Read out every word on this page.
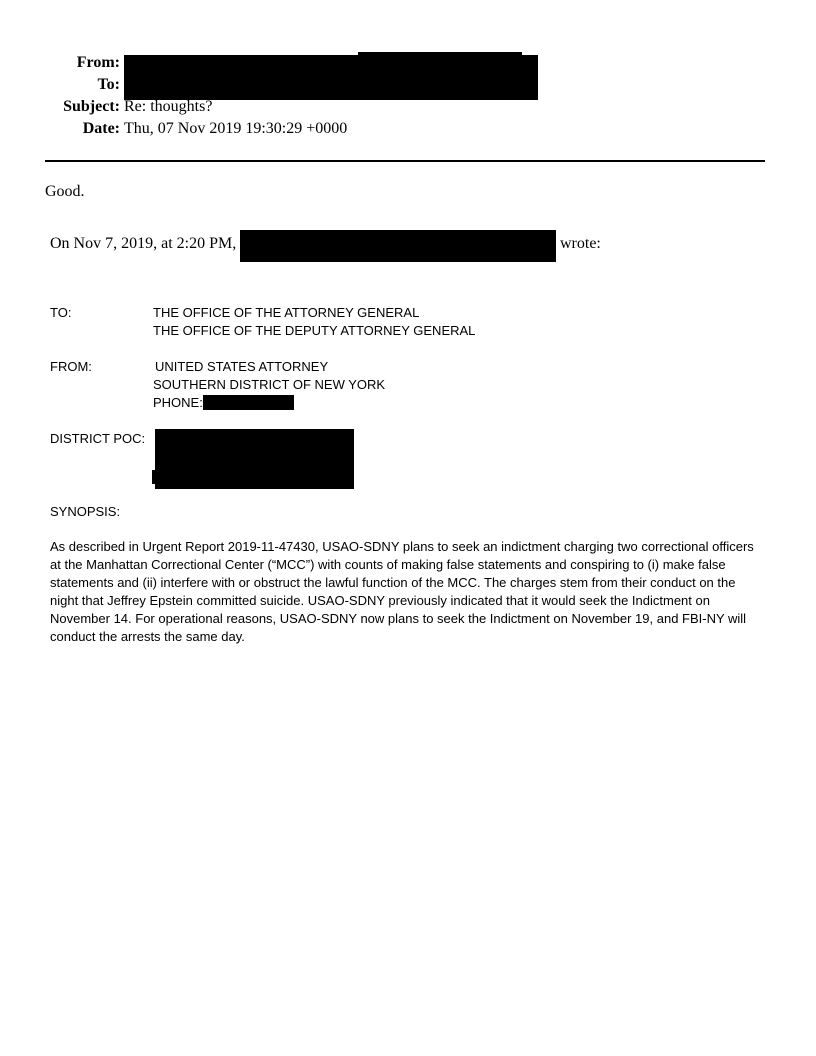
From:
To:
Subject: Re: thoughts?
Date: Thu, 07 Nov 2019 19:30:29 +0000
Good.
On Nov 7, 2019, at 2:20 PM,	wrote:
TO:	THE OFFICE OF THE ATTORNEY GENERAL
THE OFFICE OF THE DEPUTY ATTORNEY GENERAL
FROM:	UNITED STATES ATTORNEY
SOUTHERN DISTRICT OF NEW YORK
PHONE:
DISTRICT POC:
SYNOPSIS:
As described in Urgent Report 2019-11-47430, USAO-SDNY plans to seek an indictment charging two correctional officers at the Manhattan Correctional Center (“MCC”) with counts of making false statements and conspiring to (i) make false statements and (ii) interfere with or obstruct the lawful function of the MCC. The charges stem from their conduct on the night that Jeffrey Epstein committed suicide. USAO-SDNY previously indicated that it would seek the Indictment on November 14. For operational reasons, USAO-SDNY now plans to seek the Indictment on November 19, and FBI-NY will conduct the arrests the same day.
